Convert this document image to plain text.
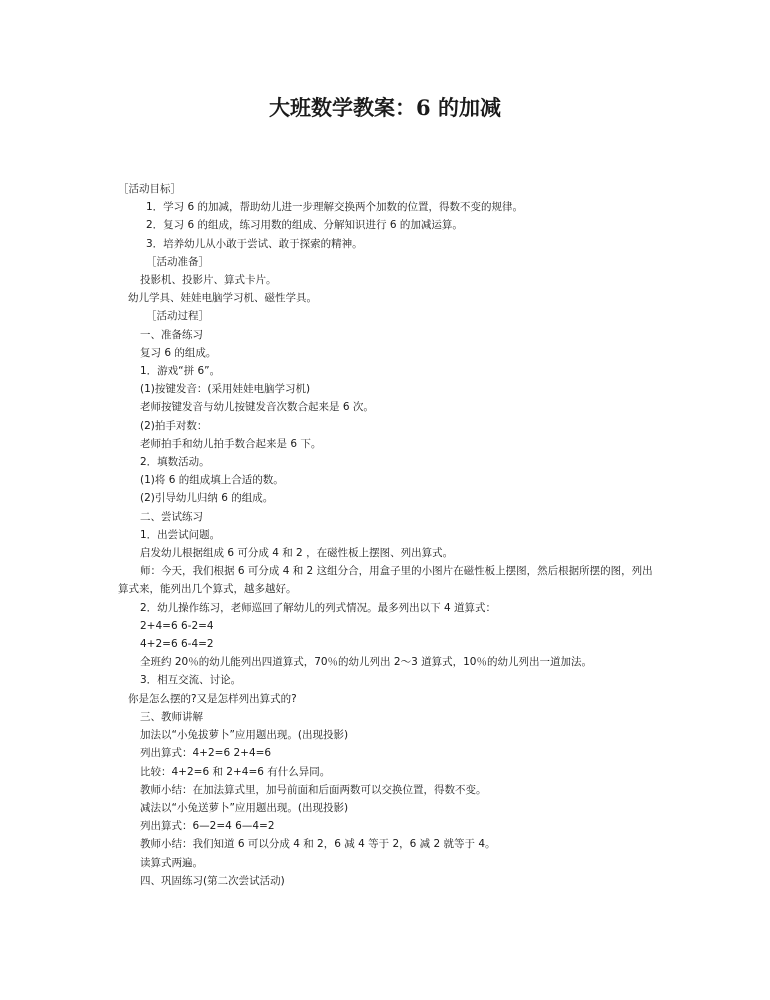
大班数学教案：6 的加减
［活动目标］
1．学习 6 的加减，帮助幼儿进一步理解交换两个加数的位置，得数不变的规律。
2．复习 6 的组成，练习用数的组成、分解知识进行 6 的加减运算。
3．培养幼儿从小敢于尝试、敢于探索的精神。
［活动准备］
投影机、投影片、算式卡片。
幼儿学具、娃娃电脑学习机、磁性学具。
［活动过程］
一、准备练习
复习 6 的组成。
1．游戏“拼 6”。
(1)按键发音：(采用娃娃电脑学习机)
老师按键发音与幼儿按键发音次数合起来是 6 次。
(2)拍手对数：
老师拍手和幼儿拍手数合起来是 6 下。
2．填数活动。
(1)将 6 的组成填上合适的数。
(2)引导幼儿归纳 6 的组成。
二、尝试练习
1．出尝试问题。
启发幼儿根据组成 6 可分成 4 和 2 ，在磁性板上摆图、列出算式。
师：今天，我们根据 6 可分成 4 和 2 这组分合，用盒子里的小图片在磁性板上摆图，然后根据所摆的图，列出算式来，能列出几个算式，越多越好。
2．幼儿操作练习，老师巡回了解幼儿的列式情况。最多列出以下 4 道算式：
2+4=6 6-2=4
4+2=6 6-4=2
全班约 20％的幼儿能列出四道算式，70％的幼儿列出 2～3 道算式，10％的幼儿列出一道加法。
3．相互交流、讨论。
你是怎么摆的?又是怎样列出算式的?
三、教师讲解
加法以“小兔拔萝卜”应用题出现。(出现投影)
列出算式：4+2=6 2+4=6
比较：4+2=6 和 2+4=6 有什么异同。
教师小结：在加法算式里，加号前面和后面两数可以交换位置，得数不变。
减法以“小兔送萝卜”应用题出现。(出现投影)
列出算式：6—2=4 6—4=2
教师小结：我们知道 6 可以分成 4 和 2，6 减 4 等于 2，6 减 2 就等于 4。
读算式两遍。
四、巩固练习(第二次尝试活动)
